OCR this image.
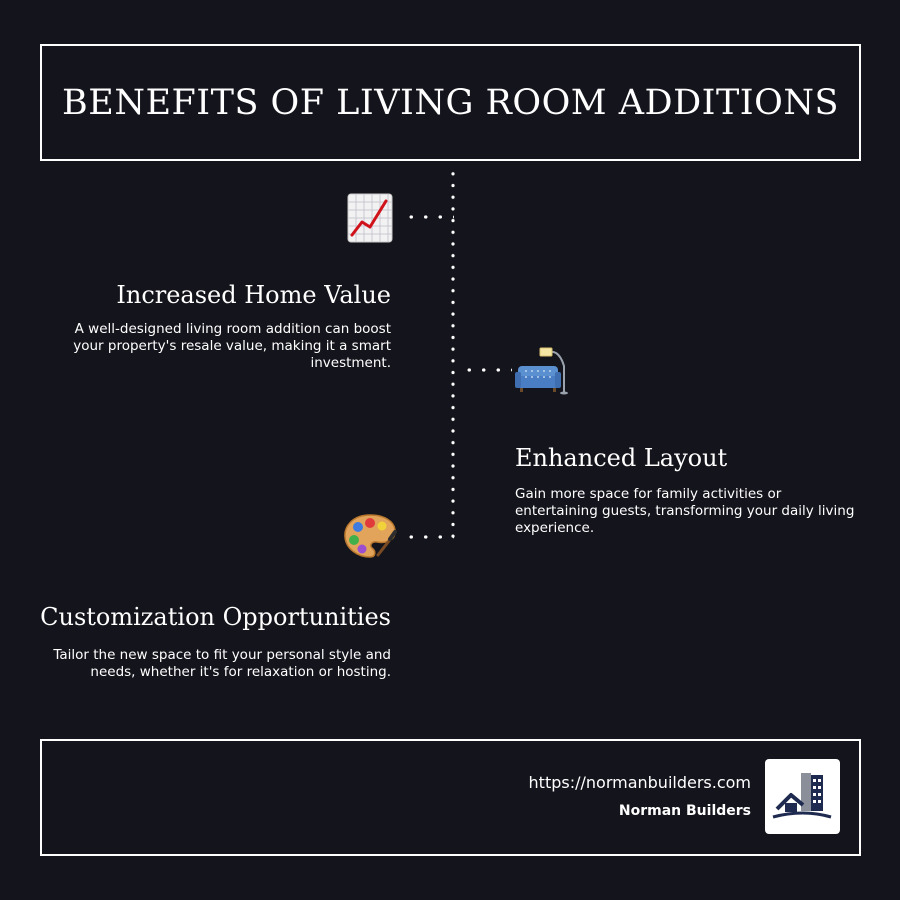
BENEFITS OF LIVING ROOM ADDITIONS
Increased Home Value
A well-designed living room addition can boost your property's resale value, making it a smart investment.
Enhanced Layout
Gain more space for family activities or entertaining guests, transforming your daily living experience.
Customization Opportunities
Tailor the new space to fit your personal style and needs, whether it's for relaxation or hosting.
https://normanbuilders.com
Norman Builders
